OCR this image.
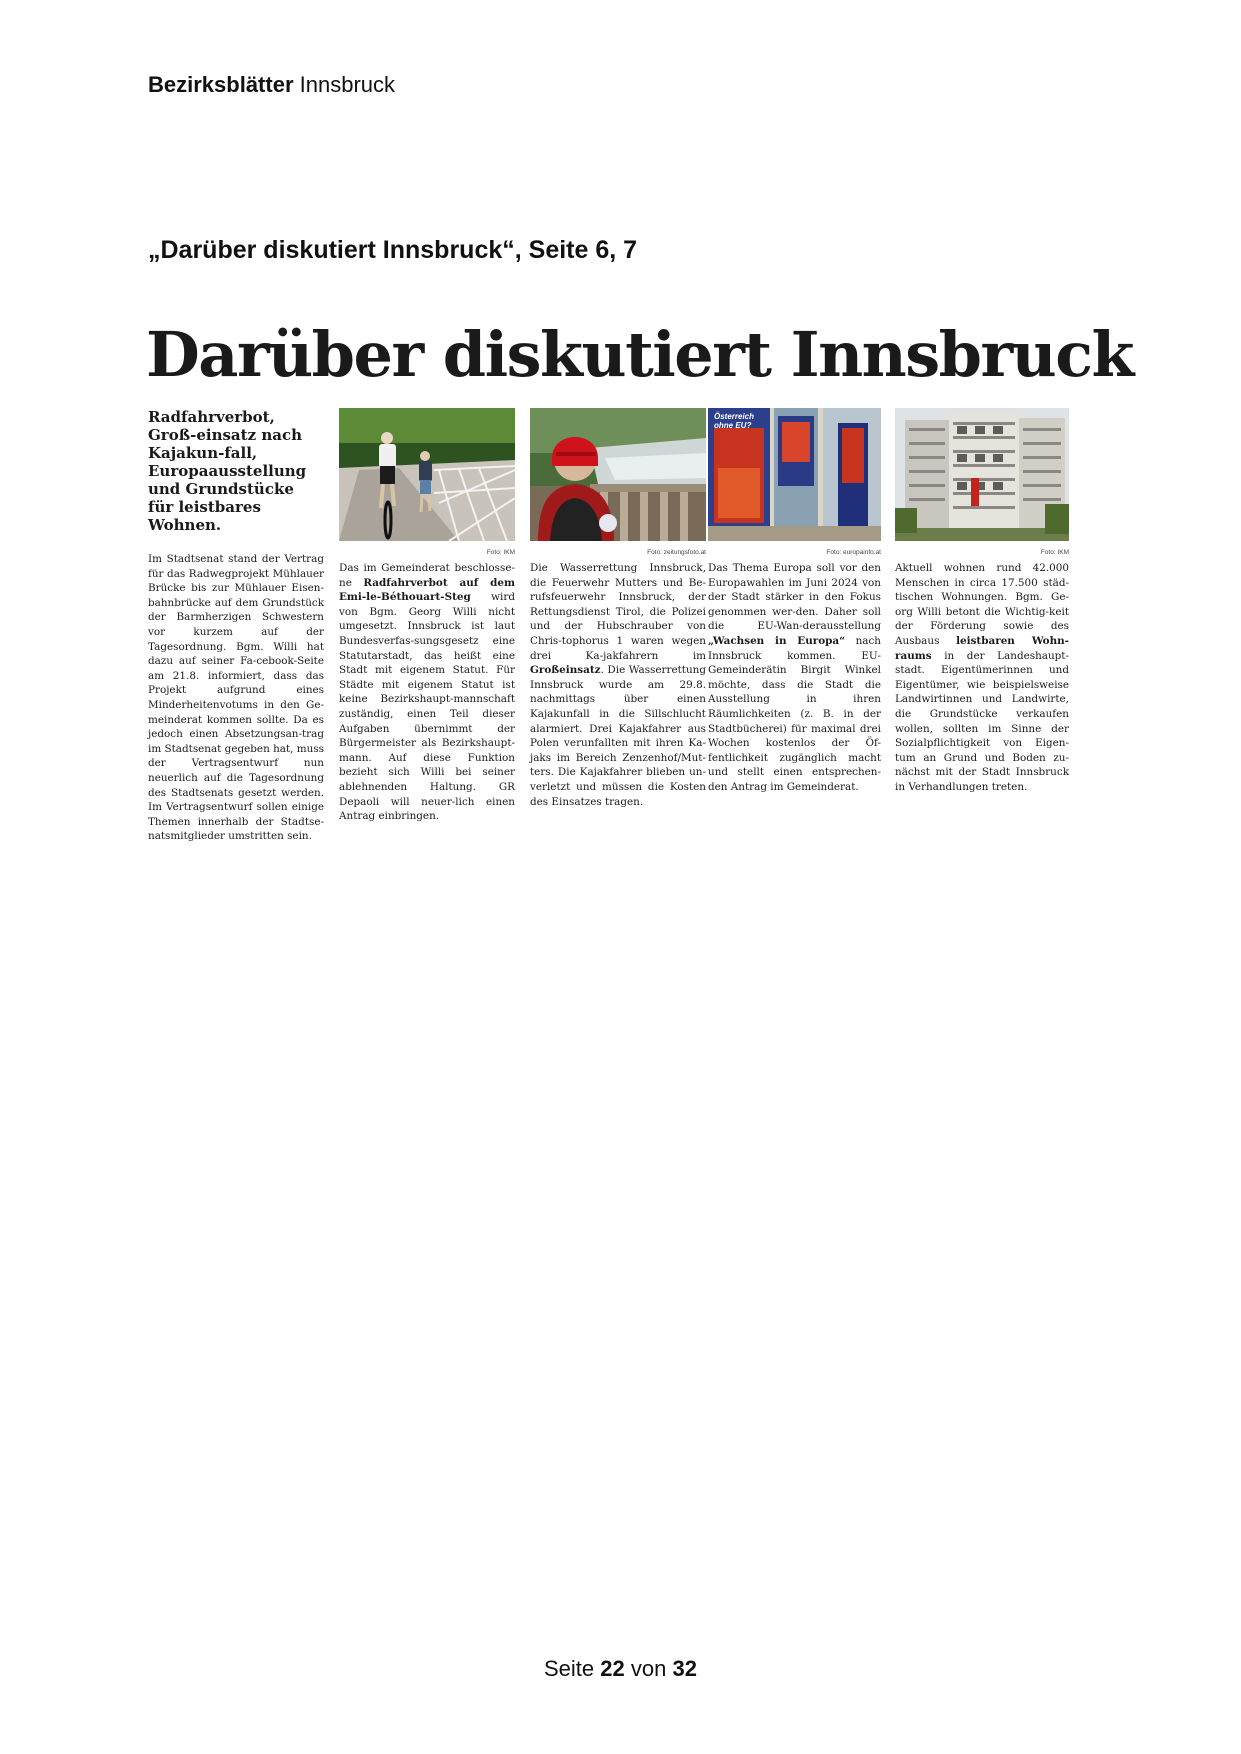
Bezirksblätter Innsbruck
„Darüber diskutiert Innsbruck“, Seite 6, 7
Darüber diskutiert Innsbruck
Radfahrverbot, Groß-einsatz nach Kajakun-fall, Europaausstellung und Grundstücke für leistbares Wohnen.
Im Stadtsenat stand der Vertrag für das Radwegprojekt Mühlauer Brücke bis zur Mühlauer Eisen-bahnbrücke auf dem Grundstück der Barmherzigen Schwestern vor kurzem auf der Tagesordnung. Bgm. Willi hat dazu auf seiner Fa-cebook-Seite am 21.8. informiert, dass das Projekt aufgrund eines Minderheitenvotums in den Ge-meinderat kommen sollte. Da es jedoch einen Absetzungsan-trag im Stadtsenat gegeben hat, muss der Vertragsentwurf nun neuerlich auf die Tagesordnung des Stadtsenats gesetzt werden. Im Vertragsentwurf sollen einige Themen innerhalb der Stadtse-natsmitglieder umstritten sein.
Foto: IKM
Das im Gemeinderat beschlosse-ne Radfahrverbot auf dem Emi-le-Béthouart-Steg wird von Bgm. Georg Willi nicht umgesetzt. Innsbruck ist laut Bundesverfas-sungsgesetz eine Statutarstadt, das heißt eine Stadt mit eigenem Statut. Für Städte mit eigenem Statut ist keine Bezirkshaupt-mannschaft zuständig, einen Teil dieser Aufgaben übernimmt der Bürgermeister als Bezirkshaupt-mann. Auf diese Funktion bezieht sich Willi bei seiner ablehnenden Haltung. GR Depaoli will neuer-lich einen Antrag einbringen.
Foto: zeitungsfoto.at
Die Wasserrettung Innsbruck, die Feuerwehr Mutters und Be-rufsfeuerwehr Innsbruck, der Rettungsdienst Tirol, die Polizei und der Hubschrauber von Chris-tophorus 1 waren wegen drei Ka-jakfahrern im Großeinsatz. Die Wasserrettung Innsbruck wurde am 29.8. nachmittags über einen Kajakunfall in die Sillschlucht alarmiert. Drei Kajakfahrer aus Polen verunfallten mit ihren Ka-jaks im Bereich Zenzenhof/Mut-ters. Die Kajakfahrer blieben un-verletzt und müssen die Kosten des Einsatzes tragen.
Österreich ohne EU?
Foto: europainfo.at
Das Thema Europa soll vor den Europawahlen im Juni 2024 von der Stadt stärker in den Fokus genommen wer-den. Daher soll die EU-Wan-derausstellung „Wachsen in Europa“ nach Innsbruck kommen. EU-Gemeinderätin Birgit Winkel möchte, dass die Stadt die Ausstellung in ihren Räumlichkeiten (z. B. in der Stadtbücherei) für maximal drei Wochen kostenlos der Öf-fentlichkeit zugänglich macht und stellt einen entsprechen-den Antrag im Gemeinderat.
Foto: IKM
Aktuell wohnen rund 42.000 Menschen in circa 17.500 städ-tischen Wohnungen. Bgm. Ge-org Willi betont die Wichtig-keit der Förderung sowie des Ausbaus leistbaren Wohn-raums in der Landeshaupt-stadt. Eigentümerinnen und Eigentümer, wie beispielsweise Landwirtinnen und Landwirte, die Grundstücke verkaufen wollen, sollten im Sinne der Sozialpflichtigkeit von Eigen-tum an Grund und Boden zu-nächst mit der Stadt Innsbruck in Verhandlungen treten.
Seite 22 von 32
